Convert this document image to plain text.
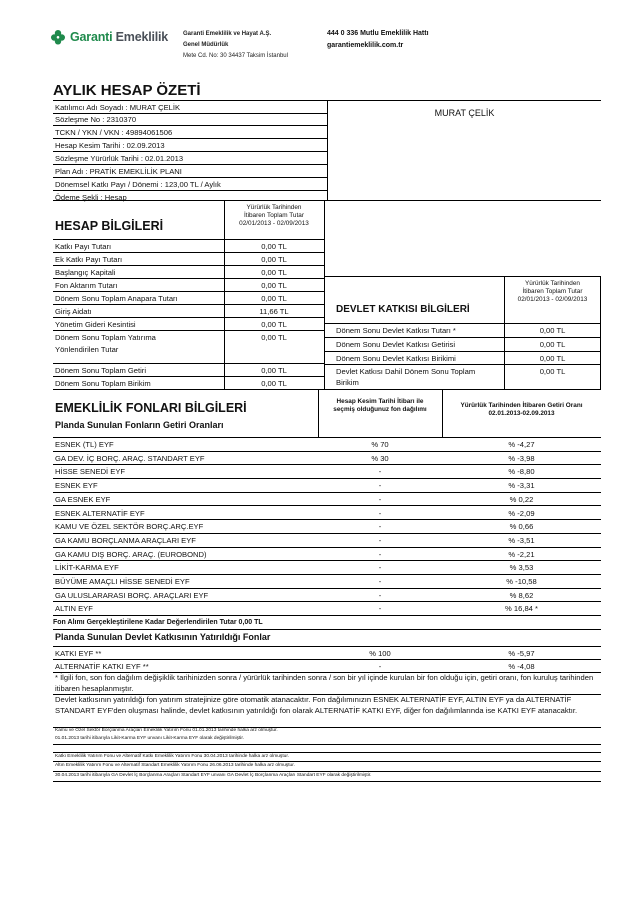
Garanti Emeklilik Garanti Emeklilik ve Hayat A.Ş.
Genel Müdürlük
Mete Cd. No: 30 34437 Taksim İstanbul
444 0 336 Mutlu Emeklilik Hattı
garantiemeklilik.com.tr
AYLIK HESAP ÖZETİ
Katılımcı Adı Soyadı : MURAT ÇELİK
Sözleşme No : 2310370
TCKN / YKN / VKN : 49894061506
Hesap Kesim Tarihi : 02.09.2013
Sözleşme Yürürlük Tarihi : 02.01.2013
Plan Adı : PRATİK EMEKLİLİK PLANI
Dönemsel Katkı Payı / Dönemi : 123,00 TL / Aylık
Ödeme Şekli : Hesap
MURAT ÇELİK
HESAP BİLGİLERİ
Yürürlük Tarihinden
İtibaren Toplam Tutar
02/01/2013 - 02/09/2013
Katkı Payı Tutarı	0,00 TL
Ek Katkı Payı Tutarı	0,00 TL
Başlangıç Kapitali	0,00 TL
Fon Aktarım Tutarı	0,00 TL
Dönem Sonu Toplam Anapara Tutarı	0,00 TL
Giriş Aidatı	11,66 TL
Yönetim Gideri Kesintisi	0,00 TL
Dönem Sonu Toplam Yatırıma
Yönlendirilen Tutar
0,00 TL
Dönem Sonu Toplam Getiri	0,00 TL
Dönem Sonu Toplam Birikim	0,00 TL
DEVLET KATKISI BİLGİLERİ
Yürürlük Tarihinden
İtibaren Toplam Tutar
02/01/2013 - 02/09/2013
Dönem Sonu Devlet Katkısı Tutarı *	0,00 TL
Dönem Sonu Devlet Katkısı Getirisi	0,00 TL
Dönem Sonu Devlet Katkısı Birikimi	0,00 TL
Devlet Katkısı Dahil Dönem Sonu Toplam
Birikim
0,00 TL
EMEKLİLİK FONLARI BİLGİLERİ
Planda Sunulan Fonların Getiri Oranları
Hesap Kesim Tarihi İtibarı ile
seçmiş olduğunuz fon dağılımı
Yürürlük Tarihinden İtibaren Getiri Oranı
02.01.2013-02.09.2013
ESNEK (TL) EYF	% 70	% -4,27
GA DEV. İÇ BORÇ. ARAÇ. STANDART EYF	% 30	% -3,98
HİSSE SENEDİ EYF	-	% -8,80
ESNEK EYF	-	% -3,31
GA ESNEK EYF	-	% 0,22
ESNEK ALTERNATİF EYF	-	% -2,09
KAMU VE ÖZEL SEKTÖR BORÇ.ARÇ.EYF	-	% 0,66
GA KAMU BORÇLANMA ARAÇLARI EYF	-	% -3,51
GA KAMU DIŞ BORÇ. ARAÇ. (EUROBOND)	-	% -2,21
LİKİT-KARMA EYF	-	% 3,53
BÜYÜME AMAÇLI HİSSE SENEDİ EYF	-	% -10,58
GA ULUSLARARASI BORÇ. ARAÇLARI EYF	-	% 8,62
ALTIN EYF	-	% 16,84 *
Fon Alımı Gerçekleştirilene Kadar Değerlendirilen Tutar 0,00 TL
Planda Sunulan Devlet Katkısının Yatırıldığı Fonlar
KATKI EYF **	% 100	% -5,97
ALTERNATİF KATKI EYF **	-	% -4,08
* İlgili fon, son fon dağılım değişiklik tarihinizden sonra / yürürlük tarihinden sonra / son bir yıl içinde kurulan bir fon olduğu için, getiri oranı, fon kuruluş tarihinden itibaren hesaplanmıştır.
Devlet katkısının yatırıldığı fon yatırım stratejinize göre otomatik atanacaktır. Fon dağılımınızın ESNEK ALTERNATİF EYF, ALTIN EYF ya da ALTERNATİF STANDART EYF'den oluşması halinde, devlet katkısının yatırıldığı fon olarak ALTERNATİF KATKI EYF, diğer fon dağılımlarında ise KATKI EYF atanacaktır.
Kamu ve Özel Sektör Borçlanma Araçları Emeklilik Yatırım Fonu 01.01.2013 tarihinde halka arz olmuştur.
01.01.2013 tarihi itibarıyla Likit-Karma EYF unvanı Likit-Karma EYF olarak değiştirilmiştir.
Katkı Emeklilik Yatırım Fonu ve Alternatif Katkı Emeklilik Yatırım Fonu 30.04.2013 tarihinde halka arz olmuştur.
Altın Emeklilik Yatırım Fonu ve Alternatif Standart Emeklilik Yatırım Fonu 26.06.2013 tarihinde halka arz olmuştur.
30.04.2013 tarihi itibarıyla GA Devlet İç Borçlanma Araçları Standart EYF unvanı GA Devlet İç Borçlanma Araçları Standart EYF olarak değiştirilmiştir.
